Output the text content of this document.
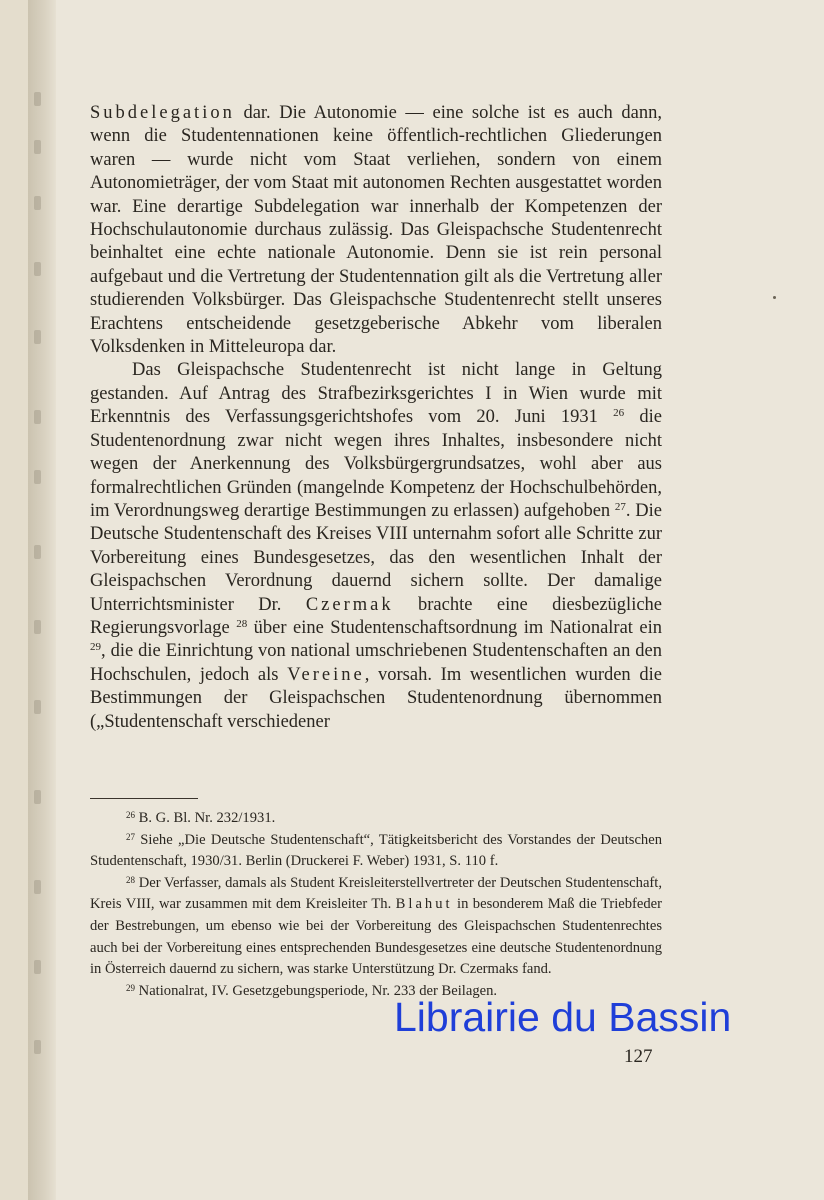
Subdelegation dar. Die Autonomie — eine solche ist es auch dann, wenn die Studentennationen keine öffentlich-rechtlichen Gliederungen waren — wurde nicht vom Staat verliehen, sondern von einem Autonomieträger, der vom Staat mit autonomen Rechten ausgestattet worden war. Eine derartige Subdelegation war innerhalb der Kompetenzen der Hochschulautonomie durchaus zulässig. Das Gleispachsche Studentenrecht beinhaltet eine echte nationale Autonomie. Denn sie ist rein personal aufgebaut und die Vertretung der Studentennation gilt als die Vertretung aller studierenden Volksbürger. Das Gleispachsche Studentenrecht stellt unseres Erachtens entscheidende gesetzgeberische Abkehr vom liberalen Volksdenken in Mitteleuropa dar.

Das Gleispachsche Studentenrecht ist nicht lange in Geltung gestanden. Auf Antrag des Strafbezirksgerichtes I in Wien wurde mit Erkenntnis des Verfassungsgerichtshofes vom 20. Juni 1931 $^{26}$ die Studentenordnung zwar nicht wegen ihres Inhaltes, insbesondere nicht wegen der Anerkennung des Volksbürgergrundsatzes, wohl aber aus formalrechtlichen Gründen (mangelnde Kompetenz der Hochschulbehörden, im Verordnungsweg derartige Bestimmungen zu erlassen) aufgehoben $^{27}$. Die Deutsche Studentenschaft des Kreises VIII unternahm sofort alle Schritte zur Vorbereitung eines Bundesgesetzes, das den wesentlichen Inhalt der Gleispachschen Verordnung dauernd sichern sollte. Der damalige Unterrichtsminister Dr. Czermak brachte eine diesbezügliche Regierungsvorlage $^{28}$ über eine Studentenschaftsordnung im Nationalrat ein $^{29}$, die die Einrichtung von national umschriebenen Studentenschaften an den Hochschulen, jedoch als Vereine, vorsah. Im wesentlichen wurden die Bestimmungen der Gleispachschen Studentenordnung übernommen („Studentenschaft verschiedener

$^{26}$ B. G. Bl. Nr. 232/1931.

$^{27}$ Siehe „Die Deutsche Studentenschaft“, Tätigkeitsbericht des Vorstandes der Deutschen Studentenschaft, 1930/31. Berlin (Druckerei F. Weber) 1931, S. 110 f.

$^{28}$ Der Verfasser, damals als Student Kreisleiterstellvertreter der Deutschen Studentenschaft, Kreis VIII, war zusammen mit dem Kreisleiter Th. Blahut in besonderem Maß die Triebfeder der Bestrebungen, um ebenso wie bei der Vorbereitung des Gleispachschen Studentenrechtes auch bei der Vorbereitung eines entsprechenden Bundesgesetzes eine deutsche Studentenordnung in Österreich dauernd zu sichern, was starke Unterstützung Dr. Czermaks fand.

$^{29}$ Nationalrat, IV. Gesetzgebungsperiode, Nr. 233 der Beilagen.

127
Librairie du Bassin
